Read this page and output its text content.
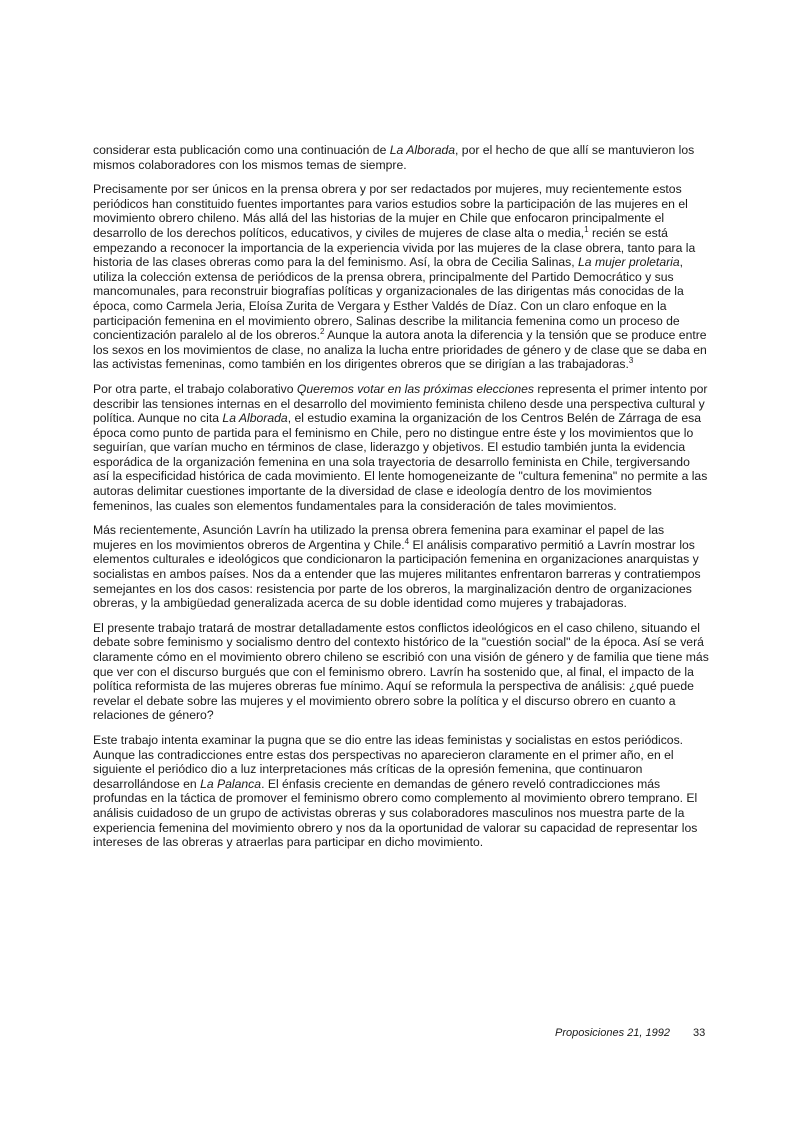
considerar esta publicación como una continuación de La Alborada, por el hecho de que allí se mantuvieron los mismos colaboradores con los mismos temas de siempre.

Precisamente por ser únicos en la prensa obrera y por ser redactados por mujeres, muy recientemente estos periódicos han constituido fuentes importantes para varios estudios sobre la participación de las mujeres en el movimiento obrero chileno. Más allá del las historias de la mujer en Chile que enfocaron principalmente el desarrollo de los derechos políticos, educativos, y civiles de mujeres de clase alta o media,$^1$ recién se está empezando a reconocer la importancia de la experiencia vivida por las mujeres de la clase obrera, tanto para la historia de las clases obreras como para la del feminismo. Así, la obra de Cecilia Salinas, La mujer proletaria, utiliza la colección extensa de periódicos de la prensa obrera, principalmente del Partido Democrático y sus mancomunales, para reconstruir biografías políticas y organizacionales de las dirigentas más conocidas de la época, como Carmela Jeria, Eloísa Zurita de Vergara y Esther Valdés de Díaz. Con un claro enfoque en la participación femenina en el movimiento obrero, Salinas describe la militancia femenina como un proceso de concientización paralelo al de los obreros.$^2$ Aunque la autora anota la diferencia y la tensión que se produce entre los sexos en los movimientos de clase, no analiza la lucha entre prioridades de género y de clase que se daba en las activistas femeninas, como también en los dirigentes obreros que se dirigían a las trabajadoras.$^3$

Por otra parte, el trabajo colaborativo Queremos votar en las próximas elecciones representa el primer intento por describir las tensiones internas en el desarrollo del movimiento feminista chileno desde una perspectiva cultural y política. Aunque no cita La Alborada, el estudio examina la organización de los Centros Belén de Zárraga de esa época como punto de partida para el feminismo en Chile, pero no distingue entre éste y los movimientos que lo seguirían, que varían mucho en términos de clase, liderazgo y objetivos. El estudio también junta la evidencia esporádica de la organización femenina en una sola trayectoria de desarrollo feminista en Chile, tergiversando así la especificidad histórica de cada movimiento. El lente homogeneizante de "cultura femenina" no permite a las autoras delimitar cuestiones importante de la diversidad de clase e ideología dentro de los movimientos femeninos, las cuales son elementos fundamentales para la consideración de tales movimientos.

Más recientemente, Asunción Lavrín ha utilizado la prensa obrera femenina para examinar el papel de las mujeres en los movimientos obreros de Argentina y Chile.$^4$ El análisis comparativo permitió a Lavrín mostrar los elementos culturales e ideológicos que condicionaron la participación femenina en organizaciones anarquistas y socialistas en ambos países. Nos da a entender que las mujeres militantes enfrentaron barreras y contratiempos semejantes en los dos casos: resistencia por parte de los obreros, la marginalización dentro de organizaciones obreras, y la ambigüedad generalizada acerca de su doble identidad como mujeres y trabajadoras.

El presente trabajo tratará de mostrar detalladamente estos conflictos ideológicos en el caso chileno, situando el debate sobre feminismo y socialismo dentro del contexto histórico de la "cuestión social" de la época. Así se verá claramente cómo en el movimiento obrero chileno se escribió con una visión de género y de familia que tiene más que ver con el discurso burgués que con el feminismo obrero. Lavrín ha sostenido que, al final, el impacto de la política reformista de las mujeres obreras fue mínimo. Aquí se reformula la perspectiva de análisis: ¿qué puede revelar el debate sobre las mujeres y el movimiento obrero sobre la política y el discurso obrero en cuanto a relaciones de género?

Este trabajo intenta examinar la pugna que se dio entre las ideas feministas y socialistas en estos periódicos. Aunque las contradicciones entre estas dos perspectivas no aparecieron claramente en el primer año, en el siguiente el periódico dio a luz interpretaciones más críticas de la opresión femenina, que continuaron desarrollándose en La Palanca. El énfasis creciente en demandas de género reveló contradicciones más profundas en la táctica de promover el feminismo obrero como complemento al movimiento obrero temprano. El análisis cuidadoso de un grupo de activistas obreras y sus colaboradores masculinos nos muestra parte de la experiencia femenina del movimiento obrero y nos da la oportunidad de valorar su capacidad de representar los intereses de las obreras y atraerlas para participar en dicho movimiento.

Proposiciones 21, 1992 33
